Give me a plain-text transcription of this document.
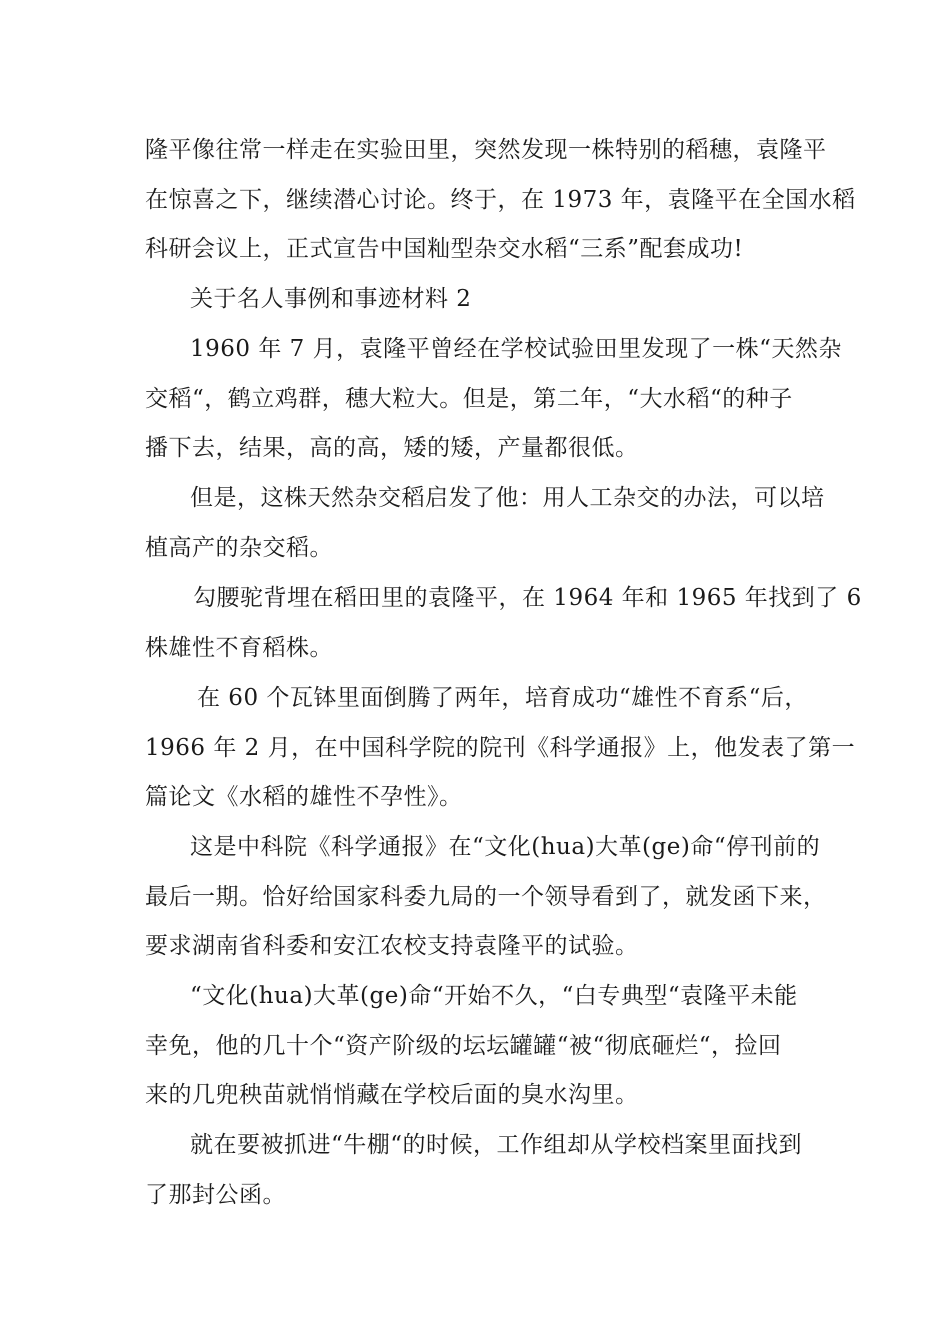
隆平像往常一样走在实验田里，突然发现一株特别的稻穗，袁隆平
在惊喜之下，继续潜心讨论。终于，在 1973 年，袁隆平在全国水稻
科研会议上，正式宣告中国籼型杂交水稻“三系”配套成功!

关于名人事例和事迹材料 2

1960 年 7 月，袁隆平曾经在学校试验田里发现了一株“天然杂
交稻“，鹤立鸡群，穗大粒大。但是，第二年，“大水稻“的种子
播下去，结果，高的高，矮的矮，产量都很低。

但是，这株天然杂交稻启发了他：用人工杂交的办法，可以培
植高产的杂交稻。

勾腰驼背埋在稻田里的袁隆平，在 1964 年和 1965 年找到了 6
株雄性不育稻株。

在 60 个瓦钵里面倒腾了两年，培育成功“雄性不育系“后，
1966 年 2 月，在中国科学院的院刊《科学通报》上，他发表了第一
篇论文《水稻的雄性不孕性》。

这是中科院《科学通报》在“文化(hua)大革(ge)命“停刊前的
最后一期。恰好给国家科委九局的一个领导看到了，就发函下来，
要求湖南省科委和安江农校支持袁隆平的试验。

“文化(hua)大革(ge)命“开始不久，“白专典型“袁隆平未能
幸免，他的几十个“资产阶级的坛坛罐罐“被“彻底砸烂“，捡回
来的几兜秧苗就悄悄藏在学校后面的臭水沟里。

就在要被抓进“牛棚“的时候，工作组却从学校档案里面找到
了那封公函。
